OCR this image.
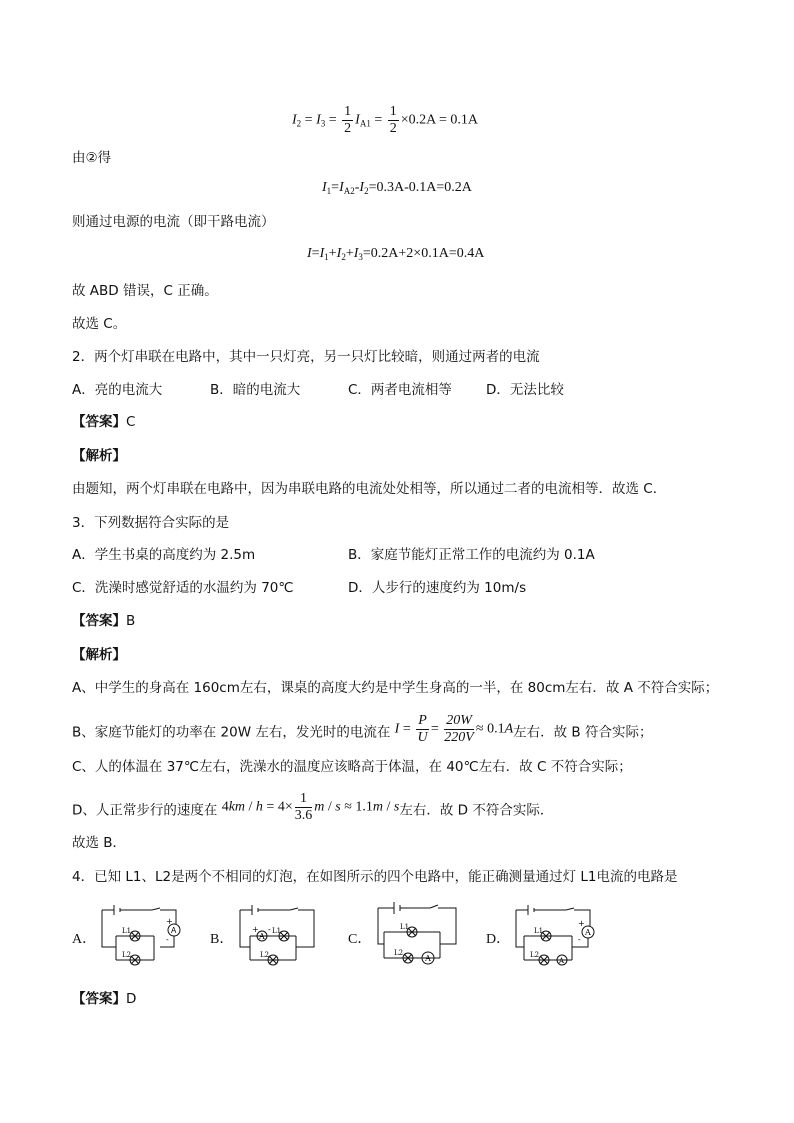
$I_2 = I_3 = \frac{1}{2} I_{A1} = \frac{1}{2} \times 0.2A = 0.1A$
由②得
$I_1=I_{A2}-I_2=0.3A-0.1A=0.2A$
则通过电源的电流（即干路电流）
$I=I_1+I_2+I_3=0.2A+2\times 0.1A=0.4A$
故 ABD 错误，C 正确。
故选 C。
2．两个灯串联在电路中，其中一只灯亮，另一只灯比较暗，则通过两者的电流
A．亮的电流大	B．暗的电流大	C．两者电流相等	D．无法比较
【答案】C
【解析】
由题知，两个灯串联在电路中，因为串联电路的电流处处相等，所以通过二者的电流相等．故选 C．
3．下列数据符合实际的是
A．学生书桌的高度约为 2.5m	B．家庭节能灯正常工作的电流约为 0.1A
C．洗澡时感觉舒适的水温约为 70℃	D．人步行的速度约为 10m/s
【答案】B
【解析】
A、中学生的身高在 160cm左右，课桌的高度大约是中学生身高的一半，在 80cm左右．故 A 不符合实际；
B、家庭节能灯的功率在 20W 左右，发光时的电流在 $I = \frac{P}{U} = \frac{20W}{220V} \approx 0.1A$左右．故 B 符合实际；
C、人的体温在 37℃左右，洗澡水的温度应该略高于体温，在 40℃左右．故 C 不符合实际；
D、人正常步行的速度在 $4km / h = 4\times \frac{1}{3.6}$ m / s ≈ 1.1m / s左右．故 D 不符合实际．
故选 B．
4．已知 L1、L2是两个不相同的灯泡，在如图所示的四个电路中，能正确测量通过灯 L1电流的电路是
A．
A
L1
L2
+
-	B．	A
L1
L2
+ -
C．
A
L1
L2
D．	A
A
L1
L2
+
-
【答案】D
